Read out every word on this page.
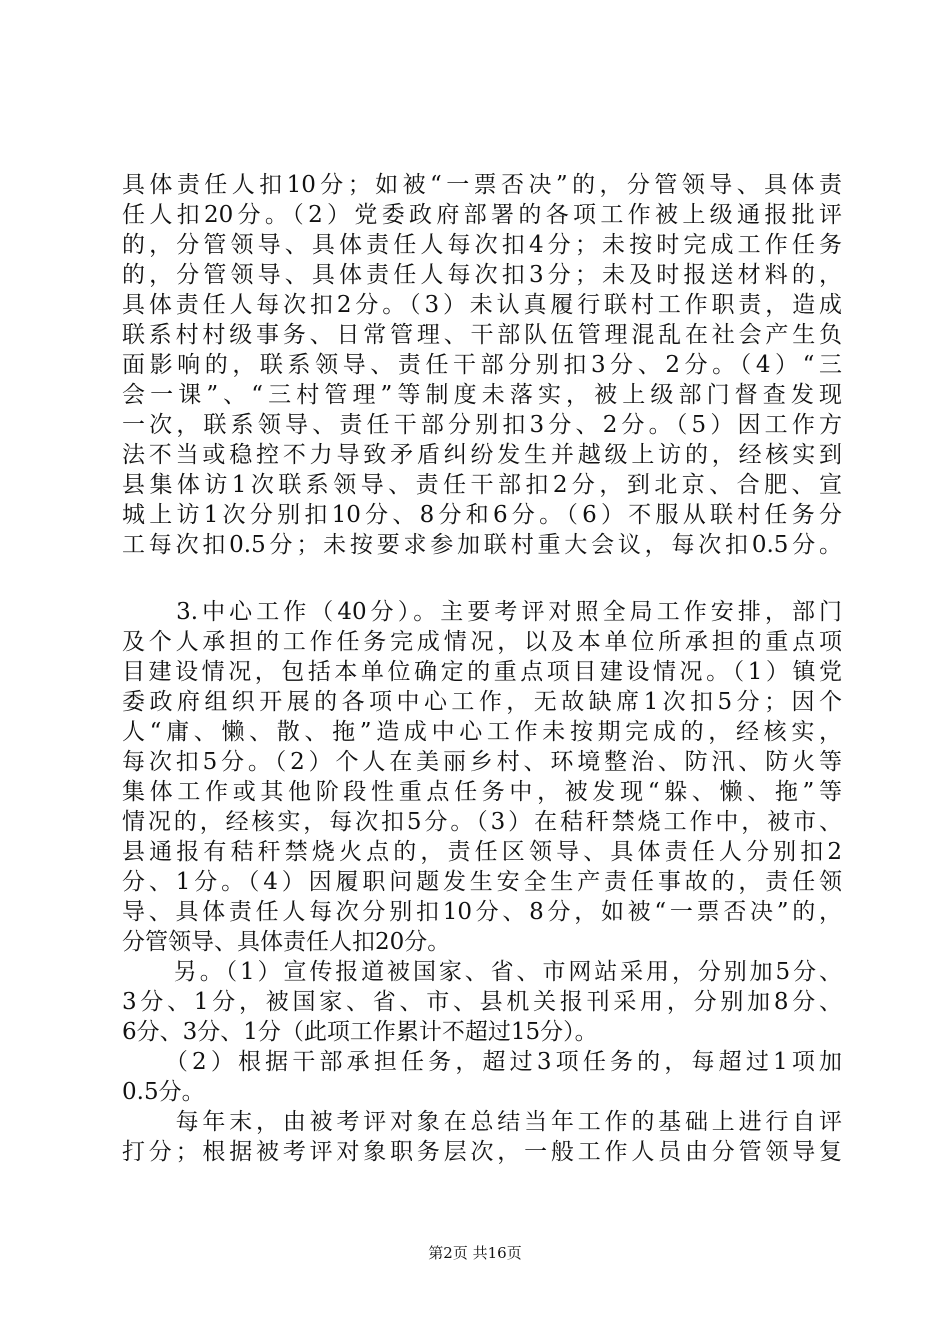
具体责任人扣10分；如被“一票否决”的，分管领导、具体责
任人扣20分。（2）党委政府部署的各项工作被上级通报批评
的，分管领导、具体责任人每次扣4分；未按时完成工作任务
的，分管领导、具体责任人每次扣3分；未及时报送材料的，
具体责任人每次扣2分。（3）未认真履行联村工作职责，造成
联系村村级事务、日常管理、干部队伍管理混乱在社会产生负
面影响的，联系领导、责任干部分别扣3分、2分。（4）“三
会一课”、“三村管理”等制度未落实，被上级部门督查发现
一次，联系领导、责任干部分别扣3分、2分。（5）因工作方
法不当或稳控不力导致矛盾纠纷发生并越级上访的，经核实到
县集体访1次联系领导、责任干部扣2分，到北京、合肥、宣
城上访1次分别扣10分、8分和6分。（6）不服从联村任务分
工每次扣0.5分；未按要求参加联村重大会议，每次扣0.5分。
　　3.中心工作（40分）。主要考评对照全局工作安排，部门
及个人承担的工作任务完成情况，以及本单位所承担的重点项
目建设情况，包括本单位确定的重点项目建设情况。（1）镇党
委政府组织开展的各项中心工作，无故缺席1次扣5分；因个
人“庸、懒、散、拖”造成中心工作未按期完成的，经核实，
每次扣5分。（2）个人在美丽乡村、环境整治、防汛、防火等
集体工作或其他阶段性重点任务中，被发现“躲、懒、拖”等
情况的，经核实，每次扣5分。（3）在秸秆禁烧工作中，被市、
县通报有秸秆禁烧火点的，责任区领导、具体责任人分别扣2
分、1分。（4）因履职问题发生安全生产责任事故的，责任领
导、具体责任人每次分别扣10分、8分，如被“一票否决”的，
分管领导、具体责任人扣20分。
　　另。（1）宣传报道被国家、省、市网站采用，分别加5分、
3分、1分，被国家、省、市、县机关报刊采用，分别加8分、
6分、3分、1分（此项工作累计不超过15分）。
　　（2）根据干部承担任务，超过3项任务的，每超过1项加
0.5分。
　　每年末，由被考评对象在总结当年工作的基础上进行自评
打分；根据被考评对象职务层次，一般工作人员由分管领导复
第2页 共16页
